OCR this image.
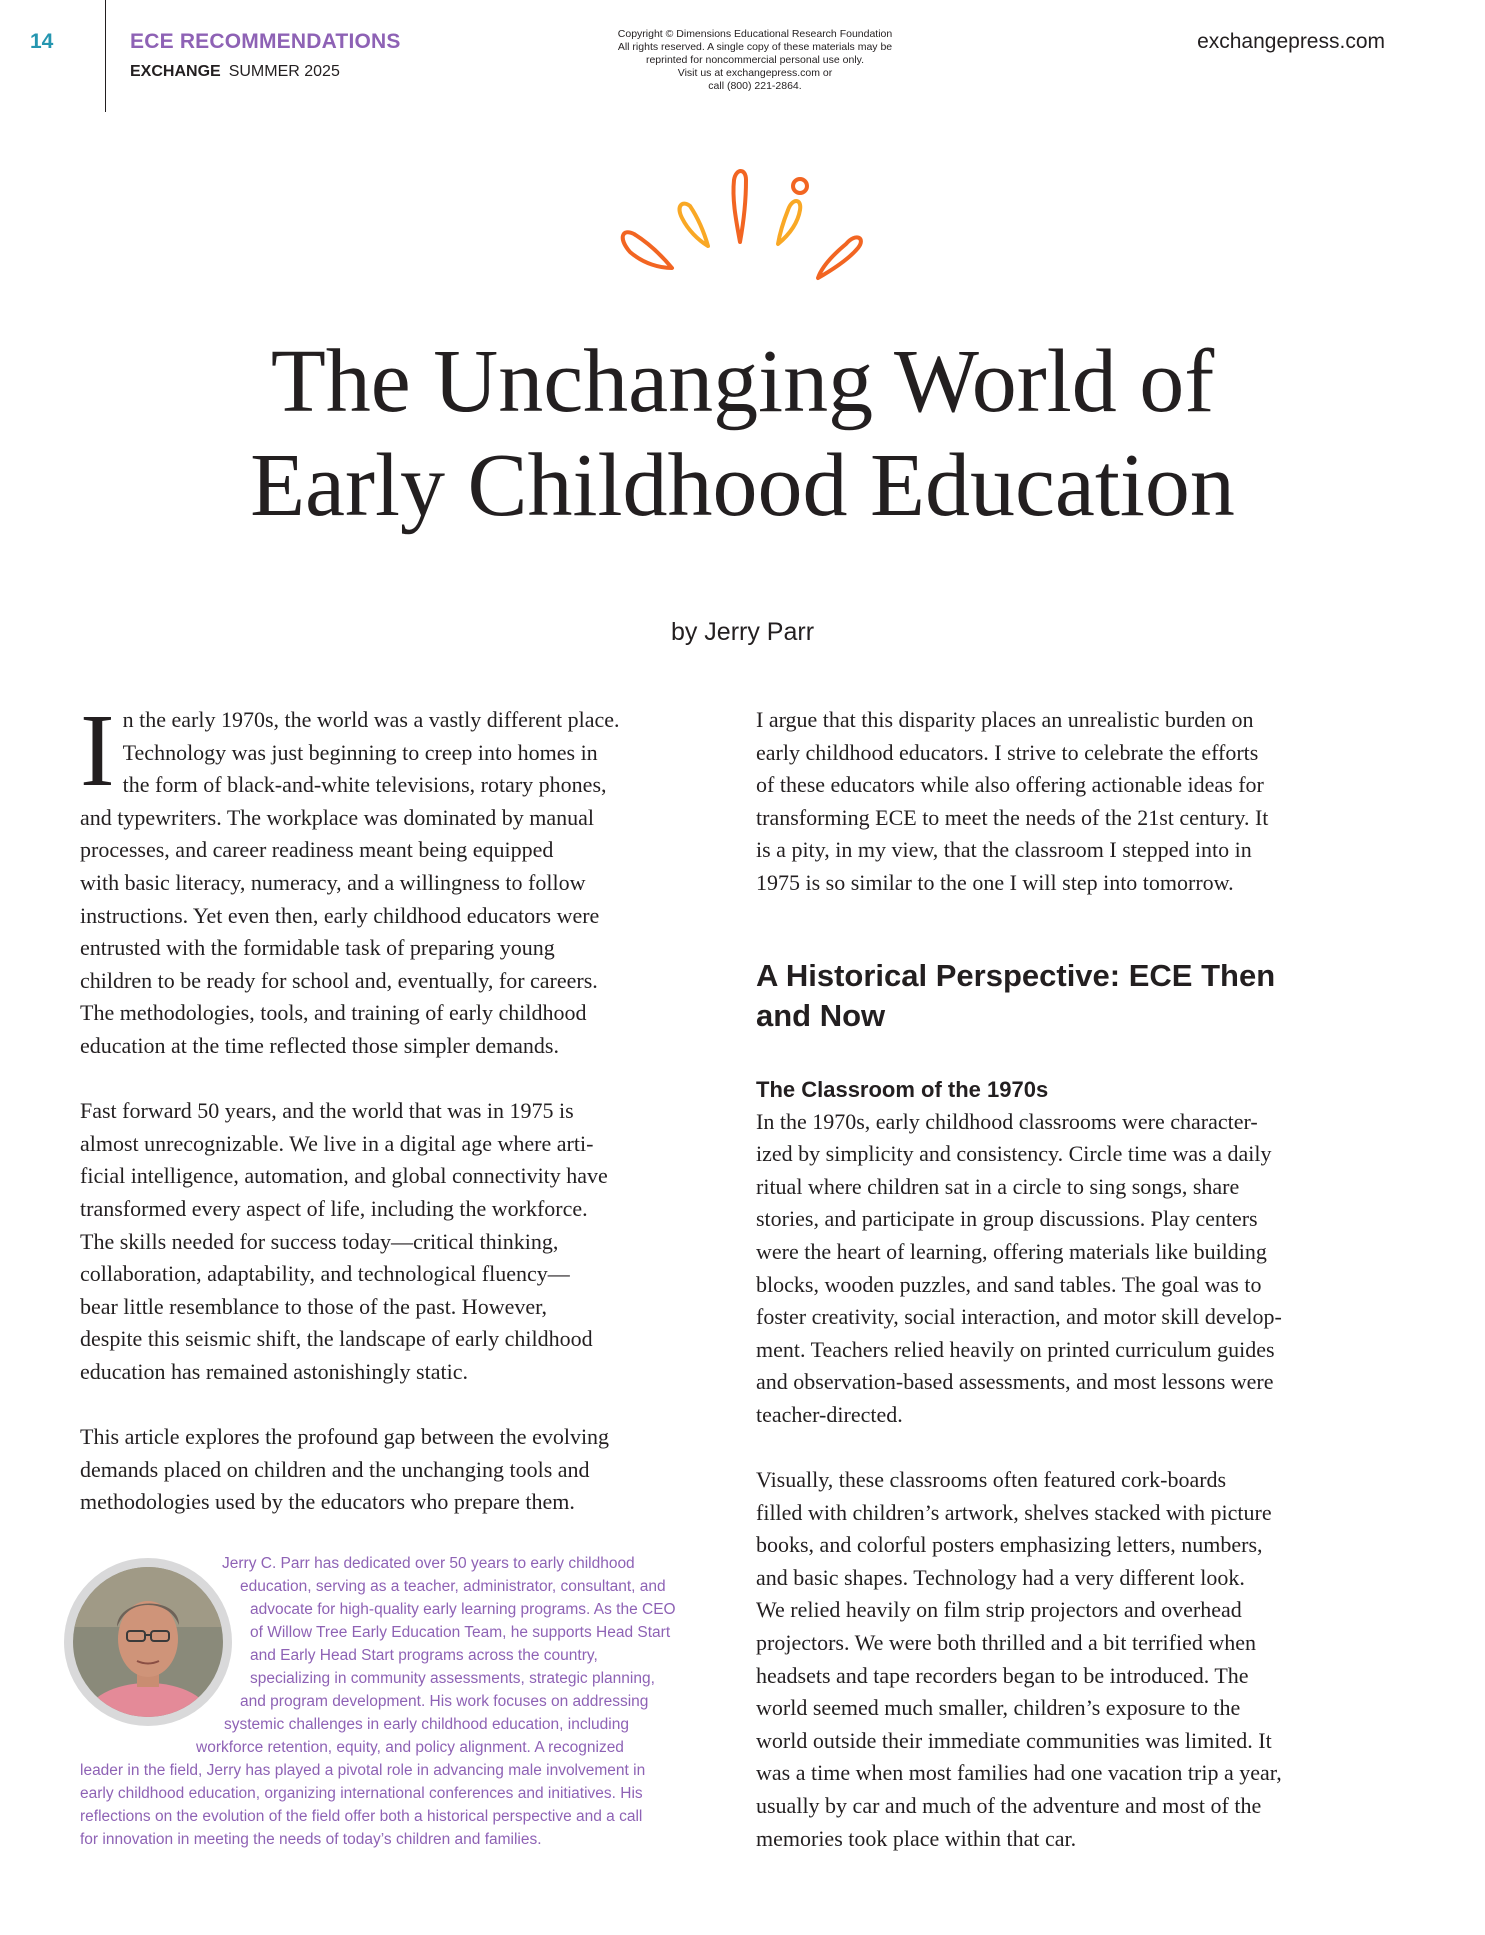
14	ECE RECOMMENDATIONS
EXCHANGE SUMMER 2025
Copyright © Dimensions Educational Research Foundation
All rights reserved. A single copy of these materials may be
reprinted for noncommercial personal use only.
Visit us at exchangepress.com or
call (800) 221-2864.
exchangepress.com
The Unchanging World of
Early Childhood Education
by Jerry Parr

In the early 1970s, the world was a vastly different place.
Technology was just beginning to creep into homes in
the form of black-and-white televisions, rotary phones,
and typewriters. The workplace was dominated by manual
processes, and career readiness meant being equipped
with basic literacy, numeracy, and a willingness to follow
instructions. Yet even then, early childhood educators were
entrusted with the formidable task of preparing young
children to be ready for school and, eventually, for careers.
The methodologies, tools, and training of early childhood
education at the time reflected those simpler demands.

Fast forward 50 years, and the world that was in 1975 is
almost unrecognizable. We live in a digital age where arti-
ficial intelligence, automation, and global connectivity have
transformed every aspect of life, including the workforce.
The skills needed for success today—critical thinking,
collaboration, adaptability, and technological fluency—
bear little resemblance to those of the past. However,
despite this seismic shift, the landscape of early childhood
education has remained astonishingly static.

This article explores the profound gap between the evolving
demands placed on children and the unchanging tools and
methodologies used by the educators who prepare them.

I argue that this disparity places an unrealistic burden on
early childhood educators. I strive to celebrate the efforts
of these educators while also offering actionable ideas for
transforming ECE to meet the needs of the 21st century. It
is a pity, in my view, that the classroom I stepped into in
1975 is so similar to the one I will step into tomorrow.

A Historical Perspective: ECE Then
and Now
The Classroom of the 1970s

In the 1970s, early childhood classrooms were character-
ized by simplicity and consistency. Circle time was a daily
ritual where children sat in a circle to sing songs, share
stories, and participate in group discussions. Play centers
were the heart of learning, offering materials like building
blocks, wooden puzzles, and sand tables. The goal was to
foster creativity, social interaction, and motor skill develop-
ment. Teachers relied heavily on printed curriculum guides
and observation-based assessments, and most lessons were
teacher-directed.

Visually, these classrooms often featured cork-boards
filled with children’s artwork, shelves stacked with picture
books, and colorful posters emphasizing letters, numbers,
and basic shapes. Technology had a very different look.
We relied heavily on film strip projectors and overhead
projectors. We were both thrilled and a bit terrified when
headsets and tape recorders began to be introduced. The
world seemed much smaller, children’s exposure to the
world outside their immediate communities was limited. It
was a time when most families had one vacation trip a year,
usually by car and much of the adventure and most of the
memories took place within that car.

Jerry C. Parr has dedicated over 50 years to early childhood
education, serving as a teacher, administrator, consultant, and
advocate for high-quality early learning programs. As the CEO
of Willow Tree Early Education Team, he supports Head Start
and Early Head Start programs across the country,
specializing in community assessments, strategic planning,
and program development. His work focuses on addressing
systemic challenges in early childhood education, including
workforce retention, equity, and policy alignment. A recognized
leader in the field, Jerry has played a pivotal role in advancing male involvement in
early childhood education, organizing international conferences and initiatives. His
reflections on the evolution of the field offer both a historical perspective and a call
for innovation in meeting the needs of today’s children and families.
